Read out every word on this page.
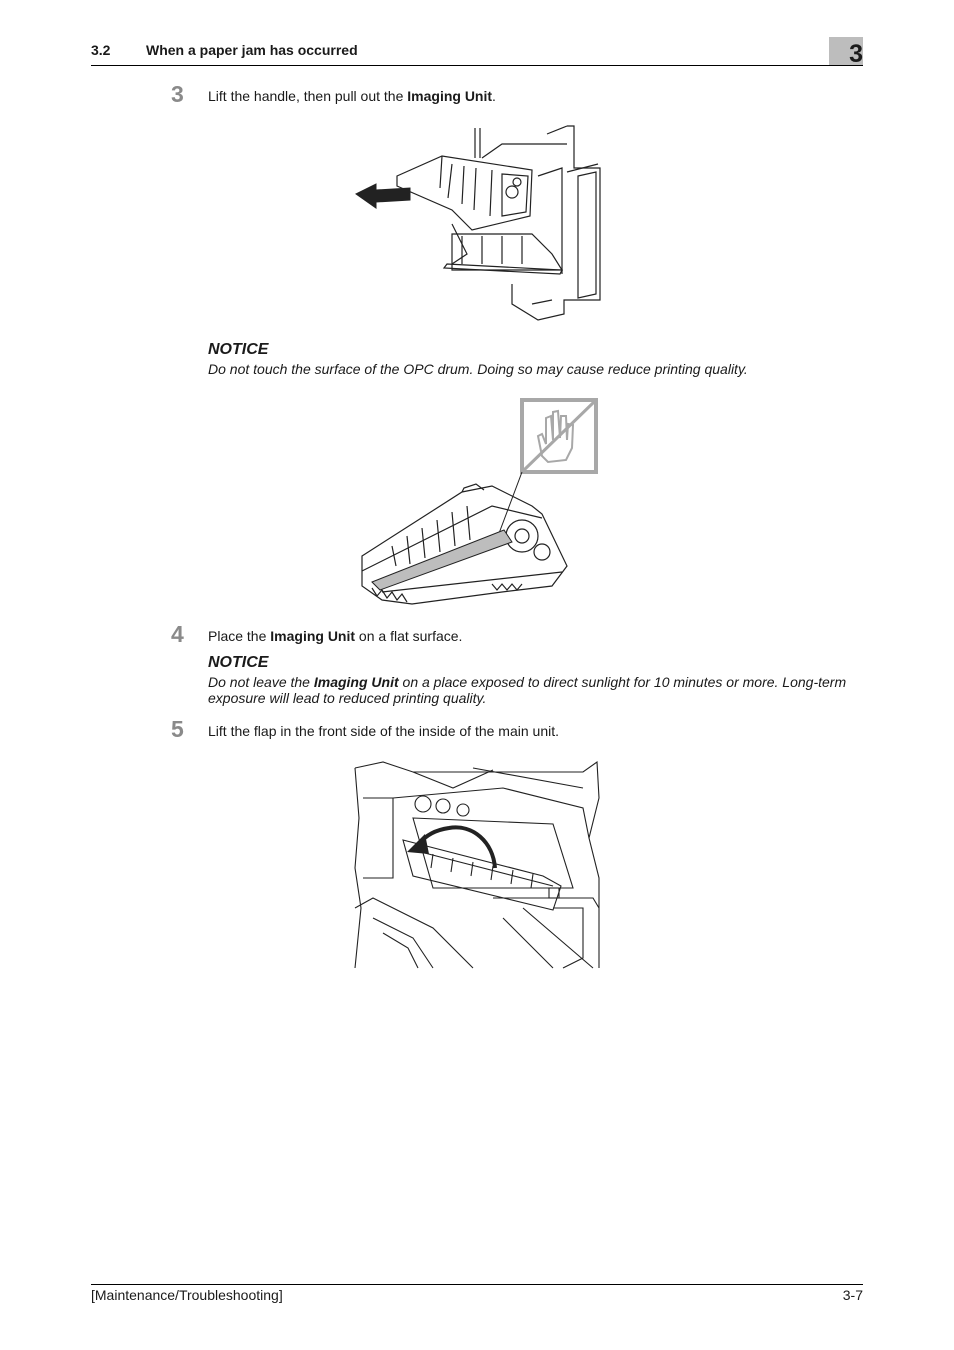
3.2	When a paper jam has occurred	3
3 Lift the handle, then pull out the Imaging Unit.
NOTICE
Do not touch the surface of the OPC drum. Doing so may cause reduce printing quality.
4 Place the Imaging Unit on a flat surface.
NOTICE
Do not leave the Imaging Unit on a place exposed to direct sunlight for 10 minutes or more. Long-term exposure will lead to reduced printing quality.
5 Lift the flap in the front side of the inside of the main unit.
[Maintenance/Troubleshooting]	3-7
